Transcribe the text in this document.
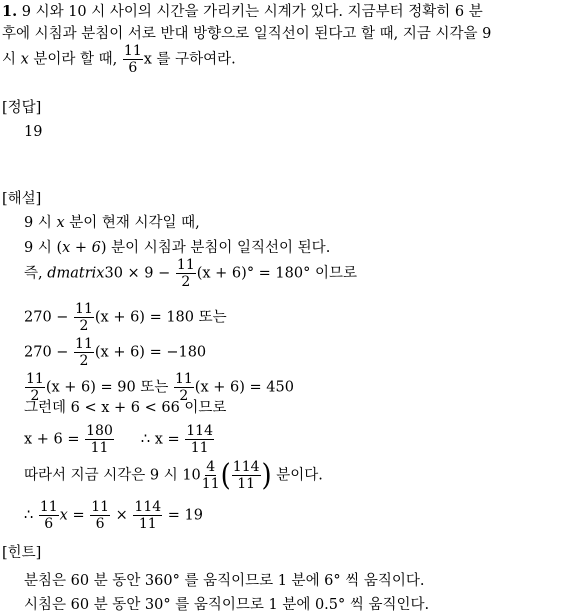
1. 9 시와 10 시 사이의 시간을 가리키는 시계가 있다. 지금부터 정확히 6 분
후에 시침과 분침이 서로 반대 방향으로 일직선이 된다고 할 때, 지금 시각을 9
시 x 분이라 할 때, $\frac{11}{6}$ x 를 구하여라.
[정답]
19
[해설]
9 시 x 분이 현재 시각일 때,
9 시 (x + 6) 분이 시침과 분침이 일직선이 된다.
즉, dmatrix30 × $9 - \frac{11}{2} (x + 6)^\circ = 180^\circ$ 이므로
$270 - \frac{11}{2} (x + 6) = 180$ 또는
$270 - \frac{11}{2} (x + 6) = -180$
$\frac{11}{2} (x + 6) = 90$ 또는 $\frac{11}{2} (x + 6) = 450$
그런데 6 < x + 6 < 66 이므로
$x + 6 = \frac{180}{11}$ ∴ $x = \frac{114}{11}$
따라서 지금 시각은 9 시 $10 \frac{4}{11}$ ( $\frac{114}{11}$ ) 분이다.
∴ $\frac{11}{6}$ $x = \frac{11}{6} \times \frac{114}{11} = 19$
[힌트]
분침은 60 분 동안 360° 를 움직이므로 1 분에 6° 씩 움직이다.
시침은 60 분 동안 30° 를 움직이므로 1 분에 0.5° 씩 움직인다.
